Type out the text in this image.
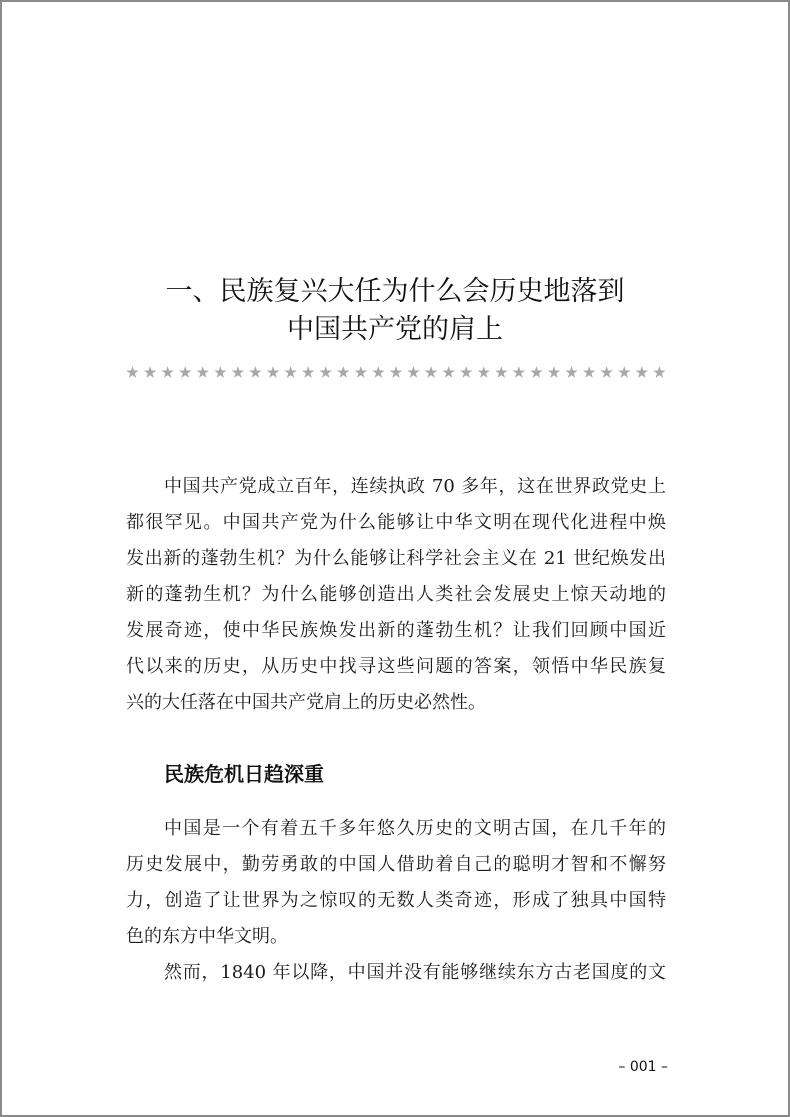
一、民族复兴大任为什么会历史地落到
中国共产党的肩上
中国共产党成立百年，连续执政 70 多年，这在世界政党史上
都很罕见。中国共产党为什么能够让中华文明在现代化进程中焕
发出新的蓬勃生机？为什么能够让科学社会主义在 21 世纪焕发出
新的蓬勃生机？为什么能够创造出人类社会发展史上惊天动地的
发展奇迹，使中华民族焕发出新的蓬勃生机？让我们回顾中国近
代以来的历史，从历史中找寻这些问题的答案，领悟中华民族复
兴的大任落在中国共产党肩上的历史必然性。
民族危机日趋深重
中国是一个有着五千多年悠久历史的文明古国，在几千年的
历史发展中，勤劳勇敢的中国人借助着自己的聪明才智和不懈努
力，创造了让世界为之惊叹的无数人类奇迹，形成了独具中国特
色的东方中华文明。
然而，1840 年以降，中国并没有能够继续东方古老国度的文
– 001 –
